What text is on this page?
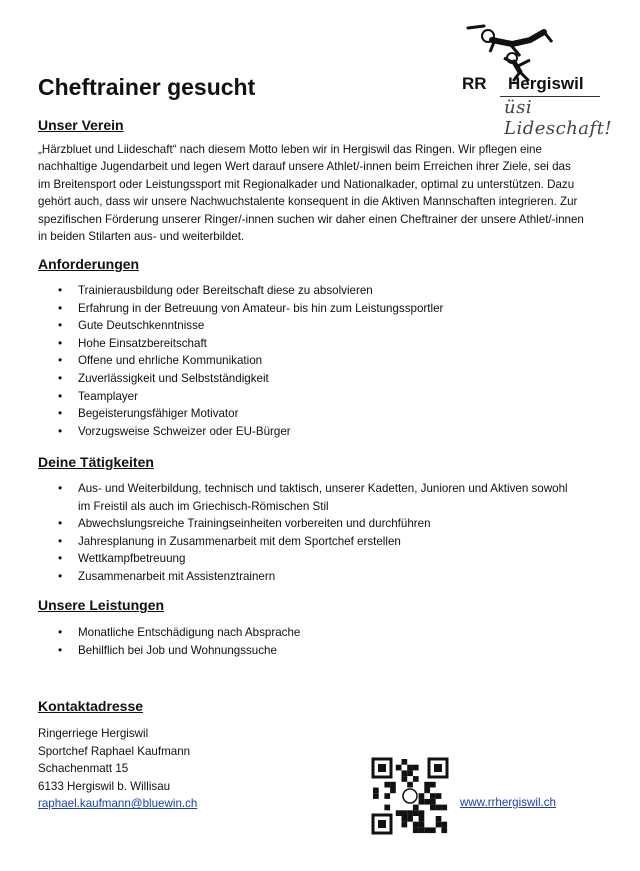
Cheftrainer gesucht	RR Hergiswil
üsi Lideschaft!
Unser Verein
„Härzbluet und Liideschaft“ nach diesem Motto leben wir in Hergiswil das Ringen. Wir pflegen eine
nachhaltige Jugendarbeit und legen Wert darauf unsere Athlet/-innen beim Erreichen ihrer Ziele, sei das
im Breitensport oder Leistungssport mit Regionalkader und Nationalkader, optimal zu unterstützen. Dazu
gehört auch, dass wir unsere Nachwuchstalente konsequent in die Aktiven Mannschaften integrieren. Zur
spezifischen Förderung unserer Ringer/-innen suchen wir daher einen Cheftrainer der unsere Athlet/-innen
in beiden Stilarten aus- und weiterbildet.
Anforderungen
• Trainierausbildung oder Bereitschaft diese zu absolvieren
• Erfahrung in der Betreuung von Amateur- bis hin zum Leistungssportler
• Gute Deutschkenntnisse
• Hohe Einsatzbereitschaft
• Offene und ehrliche Kommunikation
• Zuverlässigkeit und Selbstständigkeit
• Teamplayer
• Begeisterungsfähiger Motivator
• Vorzugsweise Schweizer oder EU-Bürger
Deine Tätigkeiten
• Aus- und Weiterbildung, technisch und taktisch, unserer Kadetten, Junioren und Aktiven sowohl im Freistil als auch im Griechisch-Römischen Stil
• Abwechslungsreiche Trainingseinheiten vorbereiten und durchführen
• Jahresplanung in Zusammenarbeit mit dem Sportchef erstellen
• Wettkampfbetreuung
• Zusammenarbeit mit Assistenztrainern
Unsere Leistungen
• Monatliche Entschädigung nach Absprache
• Behilflich bei Job und Wohnungssuche
Kontaktadresse
Ringerriege Hergiswil
Sportchef Raphael Kaufmann
Schachenmatt 15
6133 Hergiswil b. Willisau
raphael.kaufmann@bluewin.ch	www.rrhergiswil.ch
